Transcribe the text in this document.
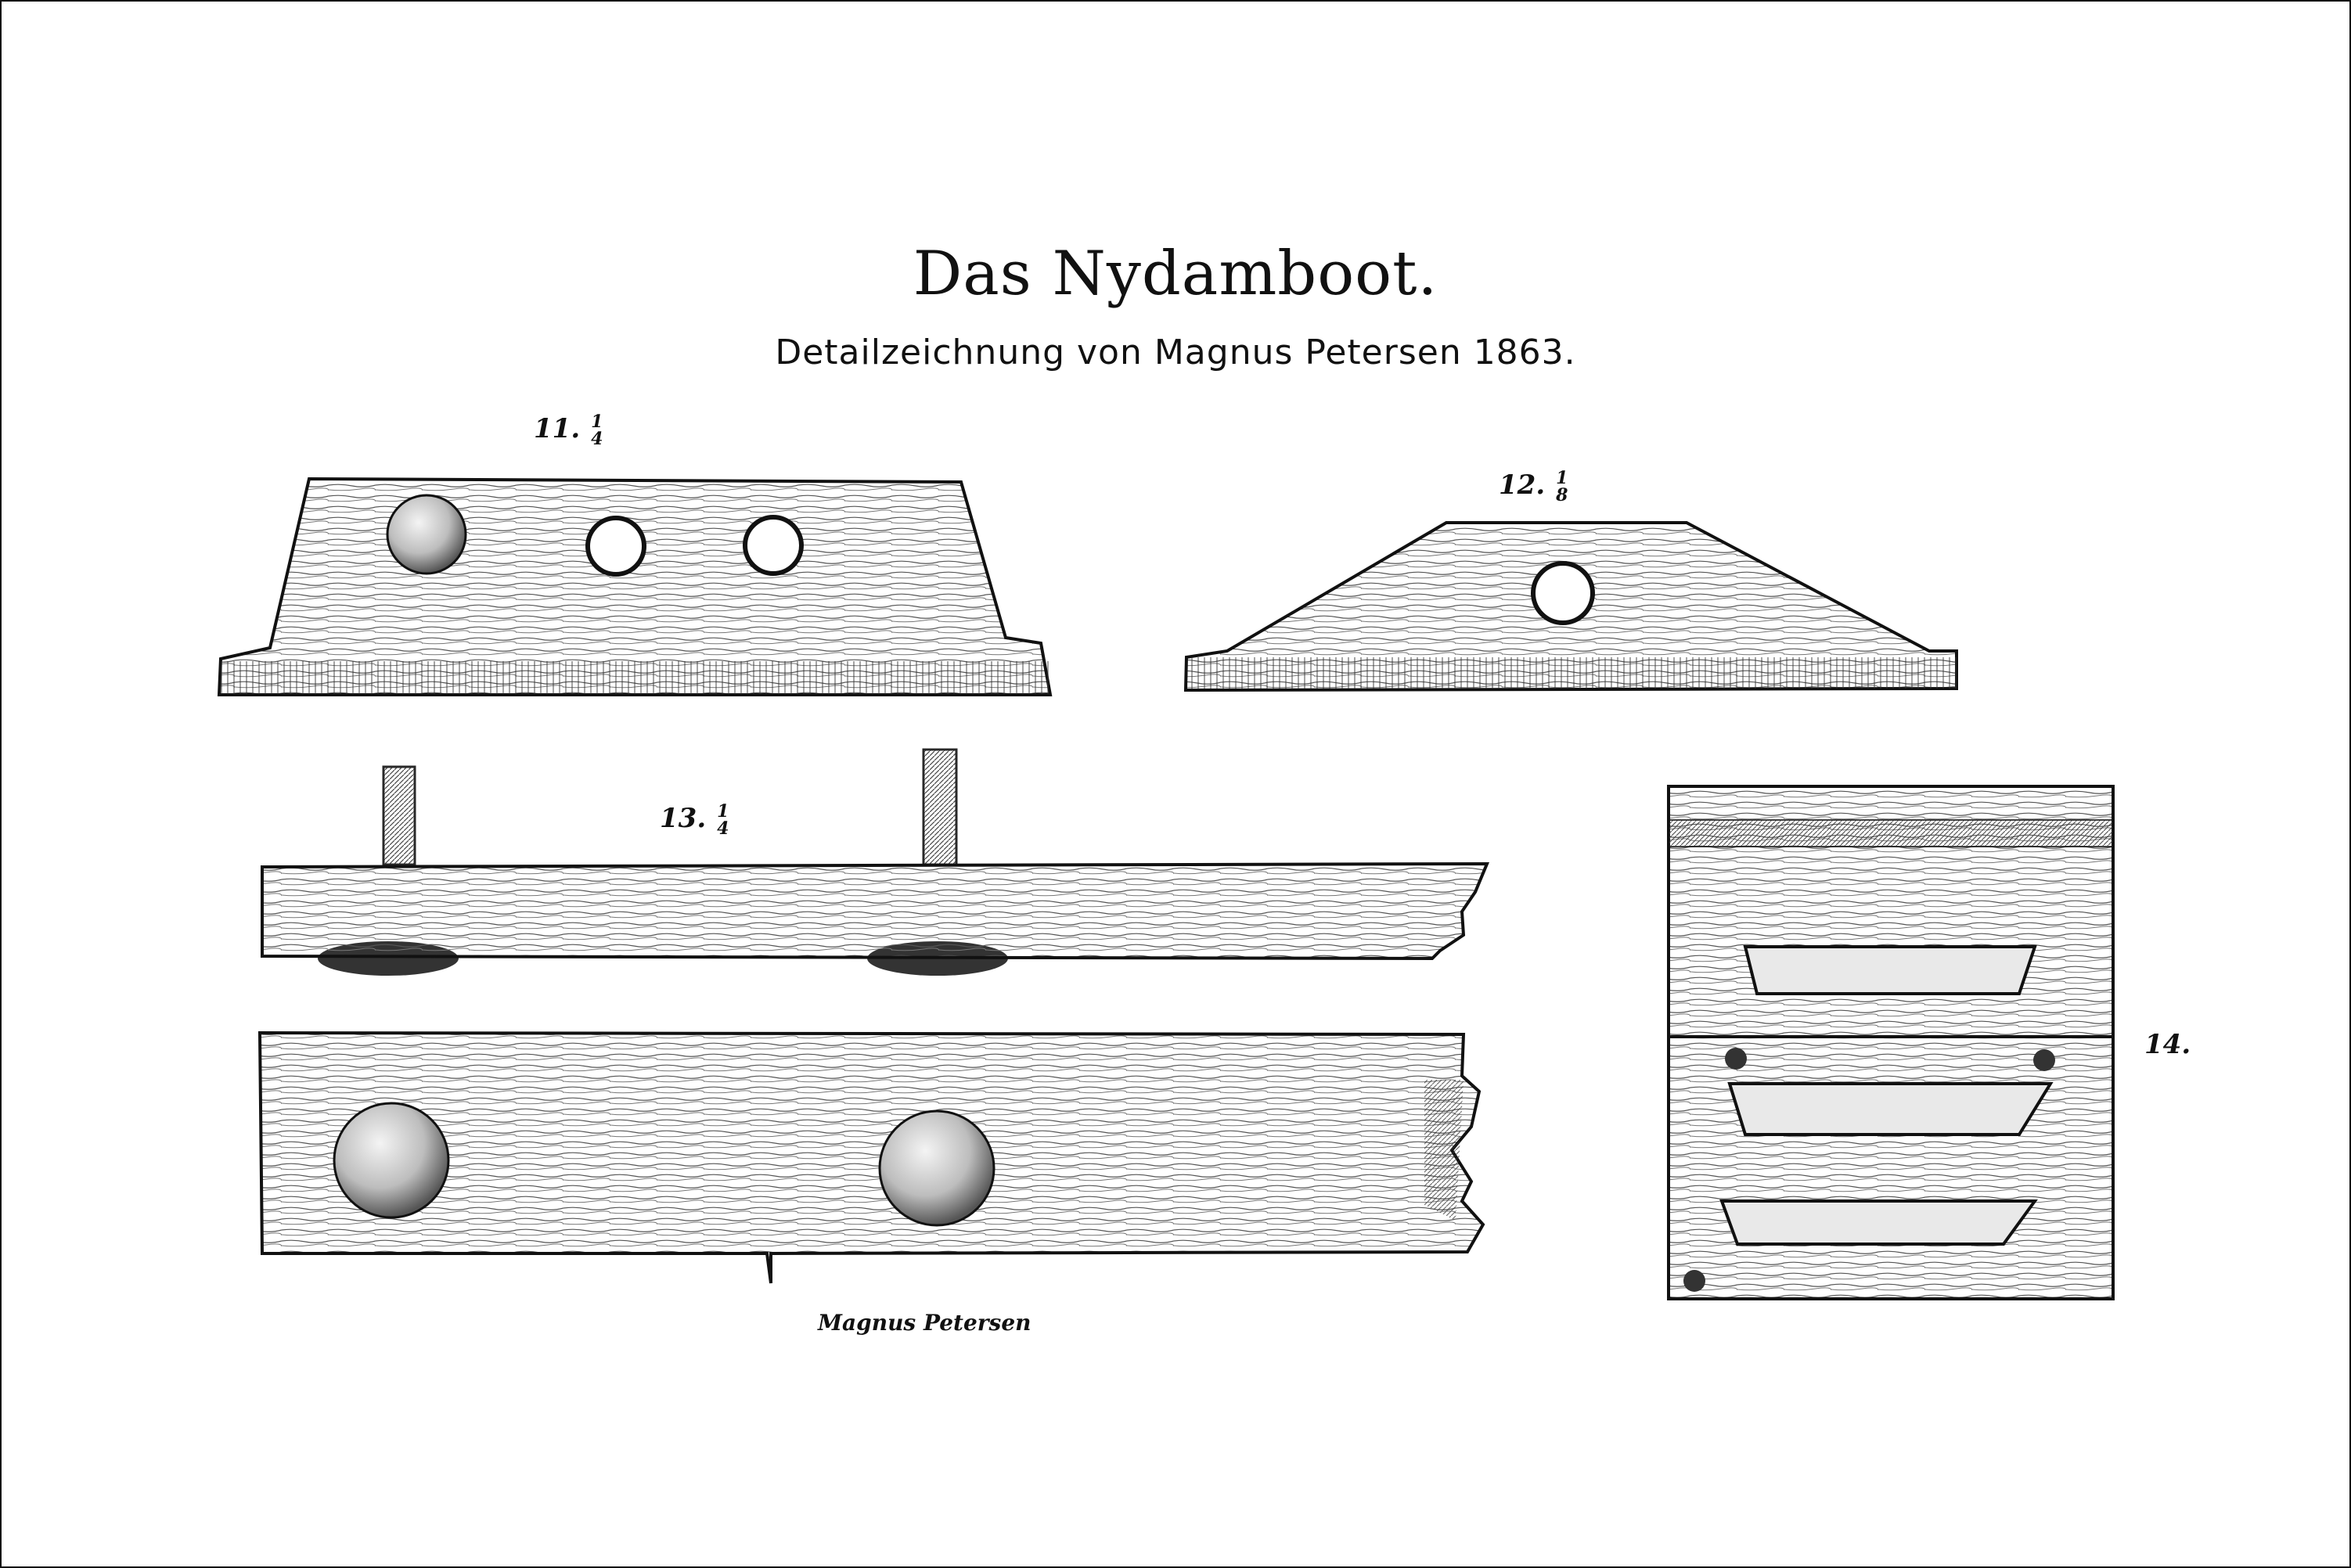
Das Nydamboot.
Detailzeichnung von Magnus Petersen 1863.
11. 1
4
12. 1
8
13. 1
4
14.
Magnus Petersen
